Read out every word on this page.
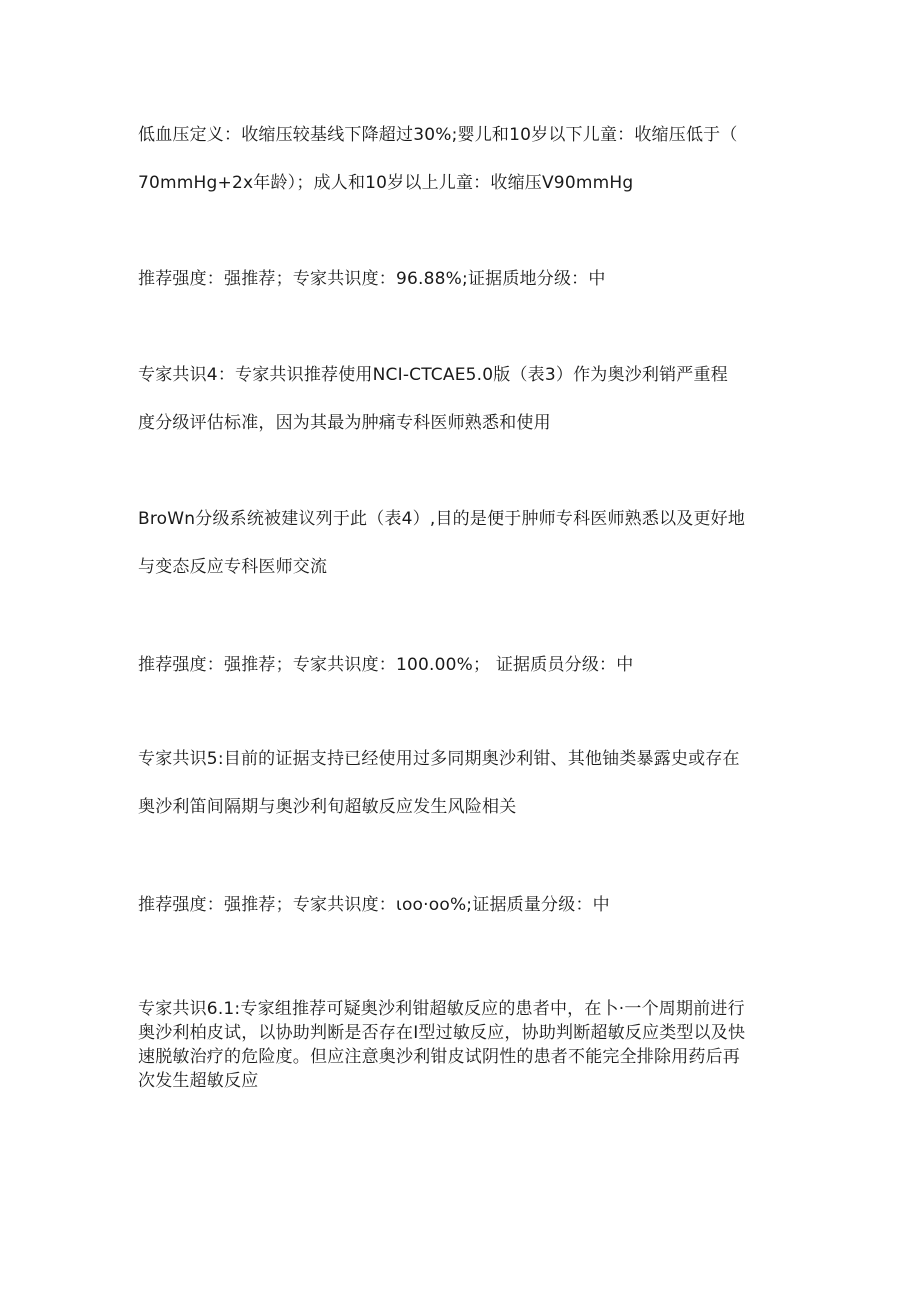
低血压定义：收缩压较基线下降超过30%;婴儿和10岁以下儿童：收缩压低于（
70mmHg+2x年龄）；成人和10岁以上儿童：收缩压V90mmHg
推荐强度：强推荐；专家共识度：96.88%;证据质地分级：中
专家共识4：专家共识推荐使用NCI-CTCAE5.0版（表3）作为奥沙利销严重程
度分级评估标准，因为其最为肿痛专科医师熟悉和使用
BroWn分级系统被建议列于此（表4）,目的是便于肿师专科医师熟悉以及更好地
与变态反应专科医师交流
推荐强度：强推荐；专家共识度：100.00%； 证据质员分级：中
专家共识5:目前的证据支持已经使用过多同期奥沙利钳、其他铀类暴露史或存在
奥沙利笛间隔期与奥沙利旬超敏反应发生风险相关
推荐强度：强推荐；专家共识度：ιoo·oo%;证据质量分级：中
专家共识6.1:专家组推荐可疑奥沙利钳超敏反应的患者中，在卜·一个周期前进行
奥沙利柏皮试，以协助判断是否存在I型过敏反应，协助判断超敏反应类型以及快
速脱敏治疗的危险度。但应注意奥沙利钳皮试阴性的患者不能完全排除用药后再
次发生超敏反应
